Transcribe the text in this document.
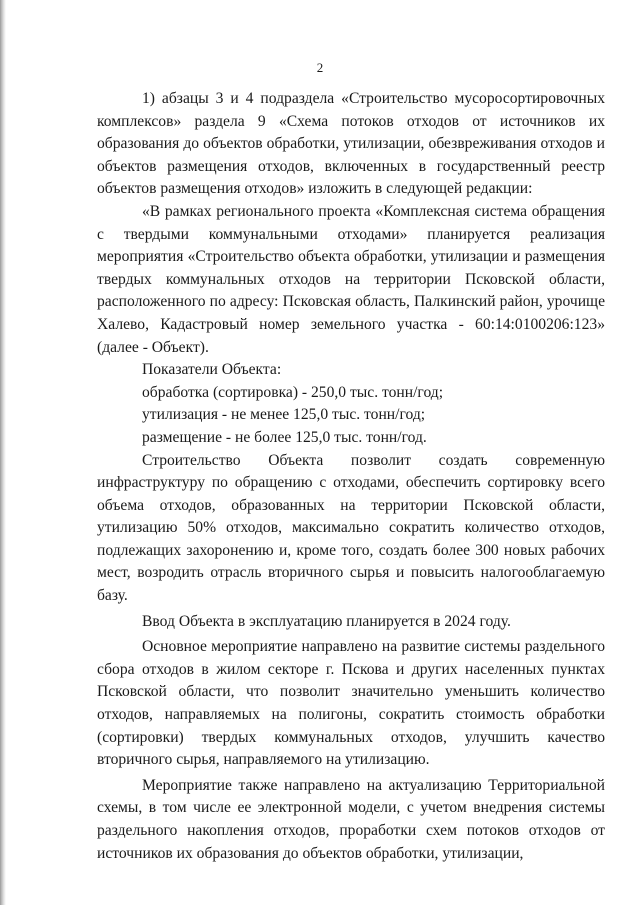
2

1) абзацы 3 и 4 подраздела «Строительство мусоросортировочных комплексов» раздела 9 «Схема потоков отходов от источников их образования до объектов обработки, утилизации, обезвреживания отходов и объектов размещения отходов, включенных в государственный реестр объектов размещения отходов» изложить в следующей редакции:

«В рамках регионального проекта «Комплексная система обращения с твердыми коммунальными отходами» планируется реализация мероприятия «Строительство объекта обработки, утилизации и размещения твердых коммунальных отходов на территории Псковской области, расположенного по адресу: Псковская область, Палкинский район, урочище Халево, Кадастровый номер земельного участка - 60:14:0100206:123» (далее - Объект).

Показатели Объекта:

обработка (сортировка) - 250,0 тыс. тонн/год;

утилизация - не менее 125,0 тыс. тонн/год;

размещение - не более 125,0 тыс. тонн/год.

Строительство Объекта позволит создать современную инфраструктуру по обращению с отходами, обеспечить сортировку всего объема отходов, образованных на территории Псковской области, утилизацию 50% отходов, максимально сократить количество отходов, подлежащих захоронению и, кроме того, создать более 300 новых рабочих мест, возродить отрасль вторичного сырья и повысить налогооблагаемую базу.

Ввод Объекта в эксплуатацию планируется в 2024 году.

Основное мероприятие направлено на развитие системы раздельного сбора отходов в жилом секторе г. Пскова и других населенных пунктах Псковской области, что позволит значительно уменьшить количество отходов, направляемых на полигоны, сократить стоимость обработки (сортировки) твердых коммунальных отходов, улучшить качество вторичного сырья, направляемого на утилизацию.

Мероприятие также направлено на актуализацию Территориальной схемы, в том числе ее электронной модели, с учетом внедрения системы раздельного накопления отходов, проработки схем потоков отходов от источников их образования до объектов обработки, утилизации,
